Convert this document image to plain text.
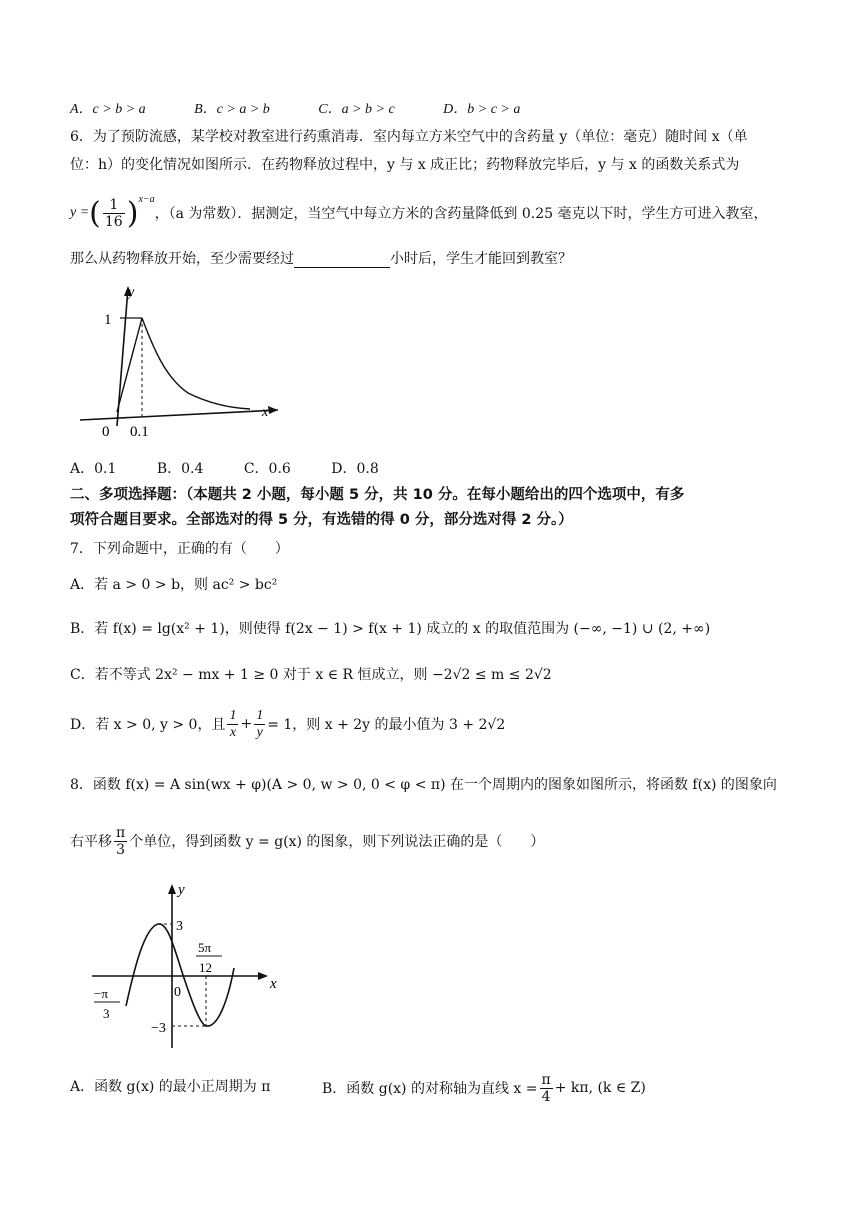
A．c > b > a	B．c > a > b	C．a > b > c	D．b > c > a
6．为了预防流感，某学校对教室进行药熏消毒．室内每立方米空气中的含药量 y（单位：毫克）随时间 x（单
位：h）的变化情况如图所示．在药物释放过程中，y 与 x 成正比；药物释放完毕后，y 与 x 的函数关系式为
y = ( $\frac{1}{16} )^{x-a}$
，（a 为常数）．据测定，当空气中每立方米的含药量降低到 0.25 毫克以下时，学生方可进入教室，
那么从药物释放开始，至少需要经过	小时后，学生才能回到教室？
y
x
1
0 0.1
A．0.1	B．0.4	C．0.6	D．0.8
二、多项选择题：（本题共 2 小题，每小题 5 分，共 10 分。在每小题给出的四个选项中，有多
项符合题目要求。全部选对的得 5 分，有选错的得 0 分，部分选对得 2 分。）
7．下列命题中，正确的有（　　）
A．若 a > 0 > b，则 ac² > bc²
B．若 f(x) = lg(x² + 1)，则使得 f(2x − 1) > f(x + 1) 成立的 x 的取值范围为 (−∞, −1) ∪ (2, +∞)
C．若不等式 2x² − mx + 1 ≥ 0 对于 x ∈ R 恒成立，则 −2√2 ≤ m ≤ 2√2
D．若 x > 0, y > 0，且 $\frac{1}{x} + \frac{1}{y} = 1$，则 x + 2y 的最小值为 3 + 2√2
8．函数 f(x) = A sin(wx + φ)(A > 0, w > 0, 0 < φ < π) 在一个周期内的图象如图所示，将函数 f(x) 的图象向
右平移 $\frac{\pi}{3}$ 个单位，得到函数 y = g(x) 的图象，则下列说法正确的是（　　）
y
x
3
−3
0
−π
3
5π
12
A．函数 g(x) 的最小正周期为 π	B．函数 g(x) 的对称轴为直线 $x = \frac{\pi}{4} + k\pi$, (k ∈ Z)
